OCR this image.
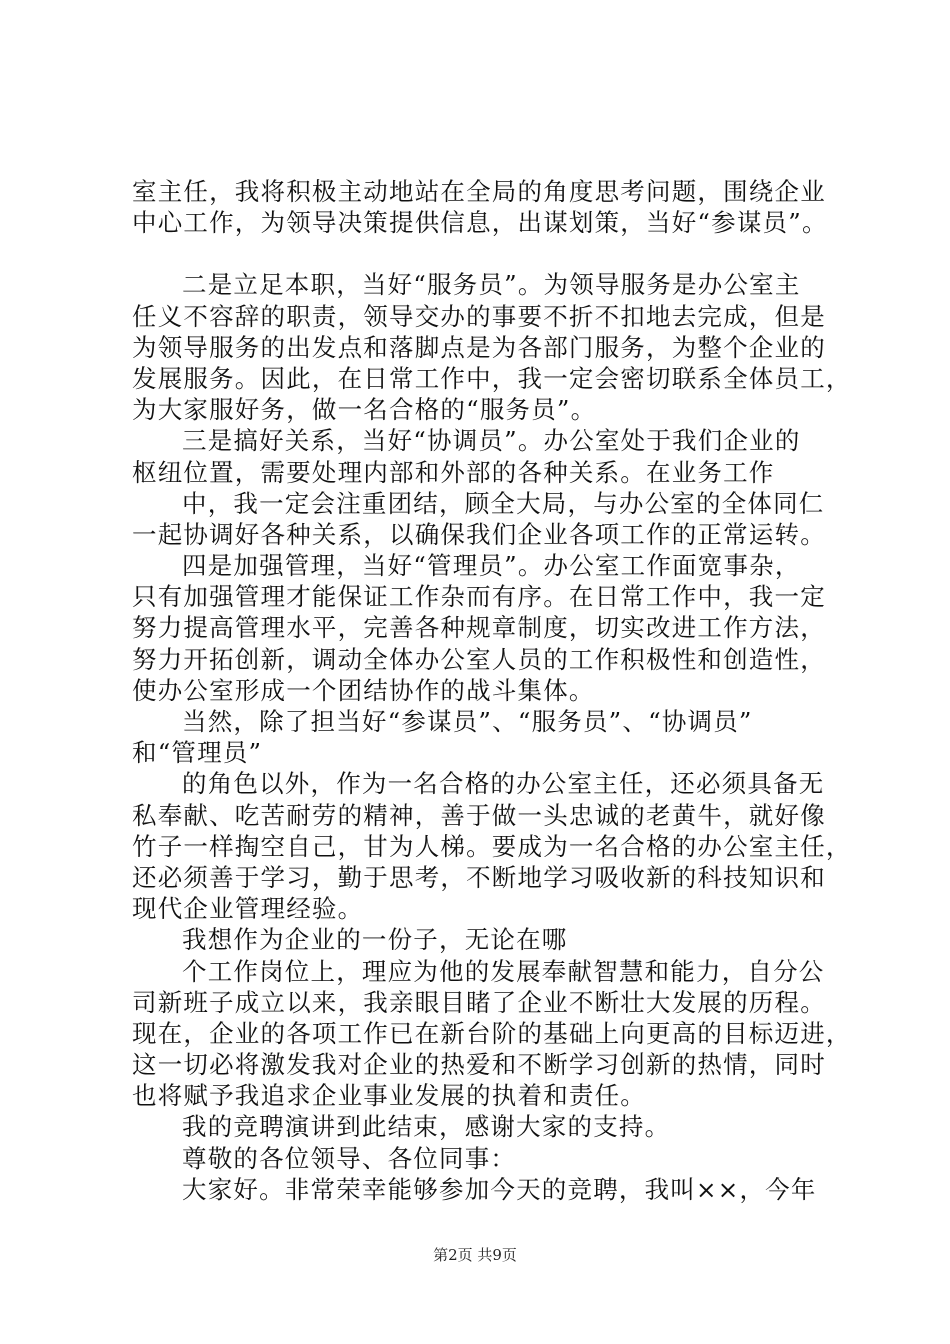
室主任，我将积极主动地站在全局的角度思考问题，围绕企业
中心工作，为领导决策提供信息，出谋划策，当好“参谋员”。
二是立足本职，当好“服务员”。为领导服务是办公室主
任义不容辞的职责，领导交办的事要不折不扣地去完成，但是
为领导服务的出发点和落脚点是为各部门服务，为整个企业的
发展服务。因此，在日常工作中，我一定会密切联系全体员工，
为大家服好务，做一名合格的“服务员”。
三是搞好关系，当好“协调员”。办公室处于我们企业的
枢纽位置，需要处理内部和外部的各种关系。在业务工作
中，我一定会注重团结，顾全大局，与办公室的全体同仁
一起协调好各种关系，以确保我们企业各项工作的正常运转。
四是加强管理，当好“管理员”。办公室工作面宽事杂，
只有加强管理才能保证工作杂而有序。在日常工作中，我一定
努力提高管理水平，完善各种规章制度，切实改进工作方法，
努力开拓创新，调动全体办公室人员的工作积极性和创造性，
使办公室形成一个团结协作的战斗集体。
当然，除了担当好“参谋员”、“服务员”、“协调员”
和“管理员”
的角色以外，作为一名合格的办公室主任，还必须具备无
私奉献、吃苦耐劳的精神，善于做一头忠诚的老黄牛，就好像
竹子一样掏空自己，甘为人梯。要成为一名合格的办公室主任，
还必须善于学习，勤于思考，不断地学习吸收新的科技知识和
现代企业管理经验。
我想作为企业的一份子，无论在哪
个工作岗位上，理应为他的发展奉献智慧和能力，自分公
司新班子成立以来，我亲眼目睹了企业不断壮大发展的历程。
现在，企业的各项工作已在新台阶的基础上向更高的目标迈进，
这一切必将激发我对企业的热爱和不断学习创新的热情，同时
也将赋予我追求企业事业发展的执着和责任。
我的竞聘演讲到此结束，感谢大家的支持。
尊敬的各位领导、各位同事：
大家好。非常荣幸能够参加今天的竞聘，我叫××，今年
第2页 共9页
